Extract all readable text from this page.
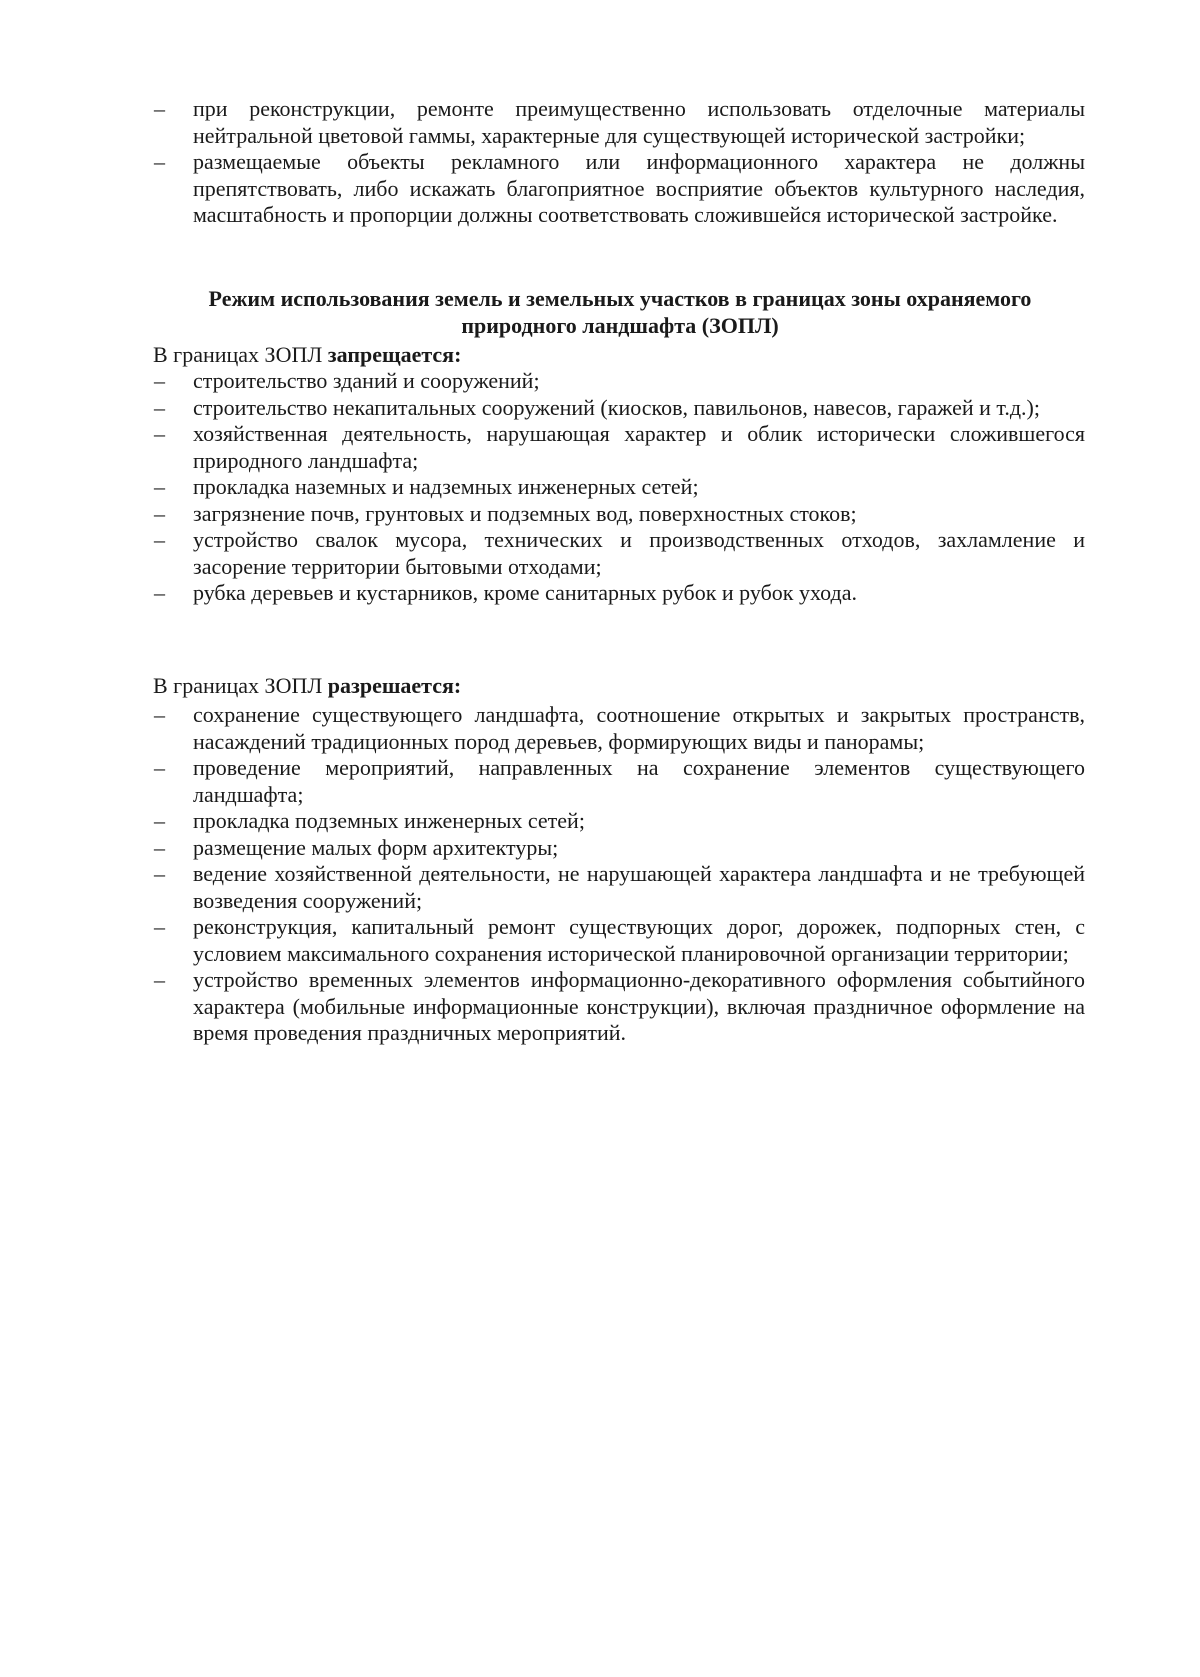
–	при реконструкции, ремонте преимущественно использовать отделочные материалы нейтральной цветовой гаммы, характерные для существующей исторической застройки;
–	размещаемые объекты рекламного или информационного характера не должны препятствовать, либо искажать благоприятное восприятие объектов культурного наследия, масштабность и пропорции должны соответствовать сложившейся исторической застройке.
Режим использования земель и земельных участков в границах зоны охраняемого природного ландшафта (ЗОПЛ)
В границах ЗОПЛ запрещается:
–	строительство зданий и сооружений;
–	строительство некапитальных сооружений (киосков, павильонов, навесов, гаражей и т.д.);
–	хозяйственная деятельность, нарушающая характер и облик исторически сложившегося природного ландшафта;
–	прокладка наземных и надземных инженерных сетей;
–	загрязнение почв, грунтовых и подземных вод, поверхностных стоков;
–	устройство свалок мусора, технических и производственных отходов, захламление и засорение территории бытовыми отходами;
–	рубка деревьев и кустарников, кроме санитарных рубок и рубок ухода.
В границах ЗОПЛ разрешается:
–	сохранение существующего ландшафта, соотношение открытых и закрытых пространств, насаждений традиционных пород деревьев, формирующих виды и панорамы;
–	проведение мероприятий, направленных на сохранение элементов существующего ландшафта;
–	прокладка подземных инженерных сетей;
–	размещение малых форм архитектуры;
–	ведение хозяйственной деятельности, не нарушающей характера ландшафта и не требующей возведения сооружений;
–	реконструкция, капитальный ремонт существующих дорог, дорожек, подпорных стен, с условием максимального сохранения исторической планировочной организации территории;
–	устройство временных элементов информационно-декоративного оформления событийного характера (мобильные информационные конструкции), включая праздничное оформление на время проведения праздничных мероприятий.
